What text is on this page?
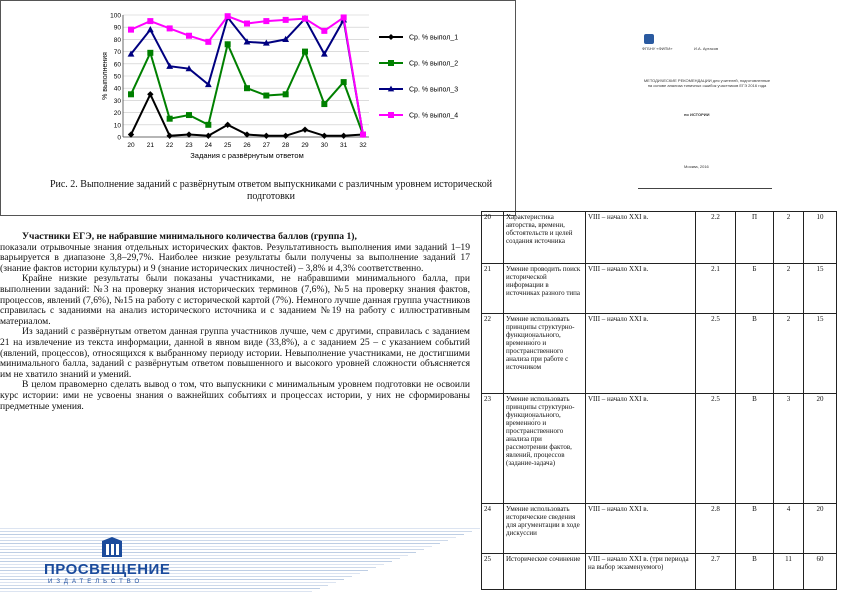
0
10
20
30
40
50
60
70
80
90
100
20 21 22 23 24 25 26 27 28 29 30 31 32
Задания с развёрнутым ответом
% выполнения
Ср. % выпол_1
Ср. % выпол_2
Ср. % выпол_3
Ср. % выпол_4
Рис. 2. Выполнение заданий с развёрнутым ответом выпускниками с различным уровнем исторической подготовки
ФГБНУ «ФИПИ»	И.А. Артасов
МЕТОДИЧЕСКИЕ РЕКОМЕНДАЦИИ для учителей, подготовленные на основе анализа типичных ошибок участников ЕГЭ 2016 года
по ИСТОРИИ
Москва, 2016

Участники ЕГЭ, не набравшие минимального количества баллов (группа 1),

показали отрывочные знания отдельных исторических фактов. Результативность выполнения ими заданий 1–19 варьируется в диапазоне 3,8–29,7%. Наиболее низкие результаты были получены за выполнение заданий 17 (знание фактов истории культуры) и 9 (знание исторических личностей) – 3,8% и 4,3% соответственно.

Крайне низкие результаты были показаны участниками, не набравшими минимального балла, при выполнении заданий: №3 на проверку знания исторических терминов (7,6%), №5 на проверку знания фактов, процессов, явлений (7,6%), №15 на работу с исторической картой (7%). Немного лучше данная группа участников справилась с заданиями на анализ исторического источника и с заданием №19 на работу с иллюстративным материалом.

Из заданий с развёрнутым ответом данная группа участников лучше, чем с другими, справилась с заданием 21 на извлечение из текста информации, данной в явном виде (33,8%), а с заданием 25 – с указанием событий (явлений, процессов), относящихся к выбранному периоду истории. Невыполнение участниками, не достигшими минимального балла, заданий с развёрнутым ответом повышенного и высокого уровней сложности объясняется им не хватило знаний и умений.

В целом правомерно сделать вывод о том, что выпускники с минимальным уровнем подготовки не освоили курс истории: ими не усвоены знания о важнейших событиях и процессах истории, у них не сформированы предметные умения.

20	Характеристика авторства, времени, обстоятельств и целей создания источника	VIII – начало XXI в.	2.2	П	2	10
21	Умение проводить поиск исторической информации в источниках разного типа	VIII – начало XXI в.	2.1	Б	2	15
22	Умение использовать принципы структурно-функционального, временно́го и пространственного анализа при работе с источником	VIII – начало XXI в.	2.5	В	2	15
23	Умение использовать принципы структурно-функционального, временно́го и пространственного анализа при рассмотрении фактов, явлений, процессов (задание-задача)	VIII – начало XXI в.	2.5	В	3	20
24	Умение использовать исторические сведения для аргументации в ходе дискуссии	VIII – начало XXI в.	2.8	В	4	20
25	Историческое сочинение	VIII – начало XXI в. (три периода на выбор экзаменуемого)	2.7	В	11	60
ПРОСВЕЩЕНИЕ
ИЗДАТЕЛЬСТВО
